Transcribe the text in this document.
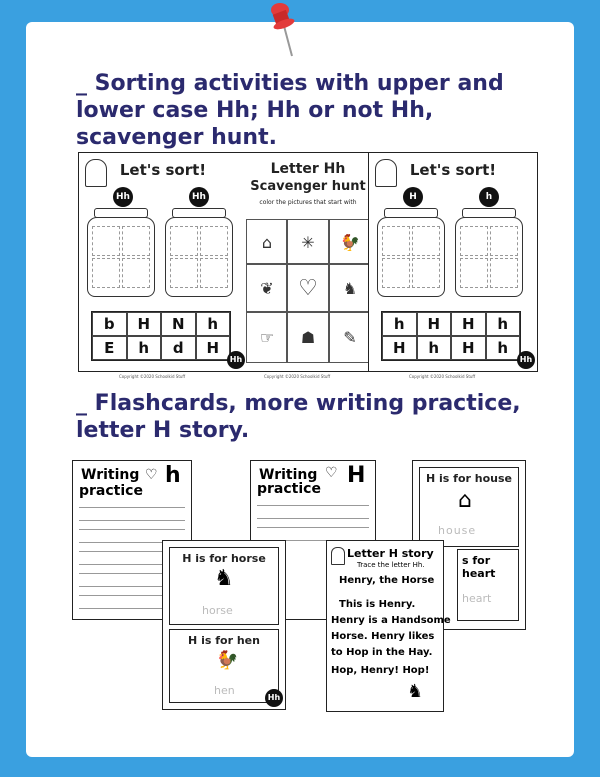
_ Sorting activities with upper and lower case Hh; Hh or not Hh, scavenger hunt.

_ Flashcards, more writing practice, letter H story.

Let's sort!
Hh	Hh
b	H	N	h
E	h	d	H
Hh
Copyright ©2020 Schoolkid Stuff
Letter Hh
Scavenger hunt
color the pictures that start with
⌂	✳	🐓
❦	♡	♞
☞	☗	✎
Copyright ©2020 Schoolkid Stuff
Let's sort!
H	h
h	H	H	h
H	h	H	h
Hh
Copyright ©2020 Schoolkid Stuff
Writing
practice
♡ h	Writing
practice
♡ H	H is for house
⌂
house
s for heart
heart
H is for horse
♞
horse
H is for hen
🐓
hen
Hh
Letter H story
Trace the letter Hh.
Henry, the Horse
This is Henry.
Henry is a Handsome
Horse. Henry likes
to Hop in the Hay.
Hop, Henry! Hop!
♞
